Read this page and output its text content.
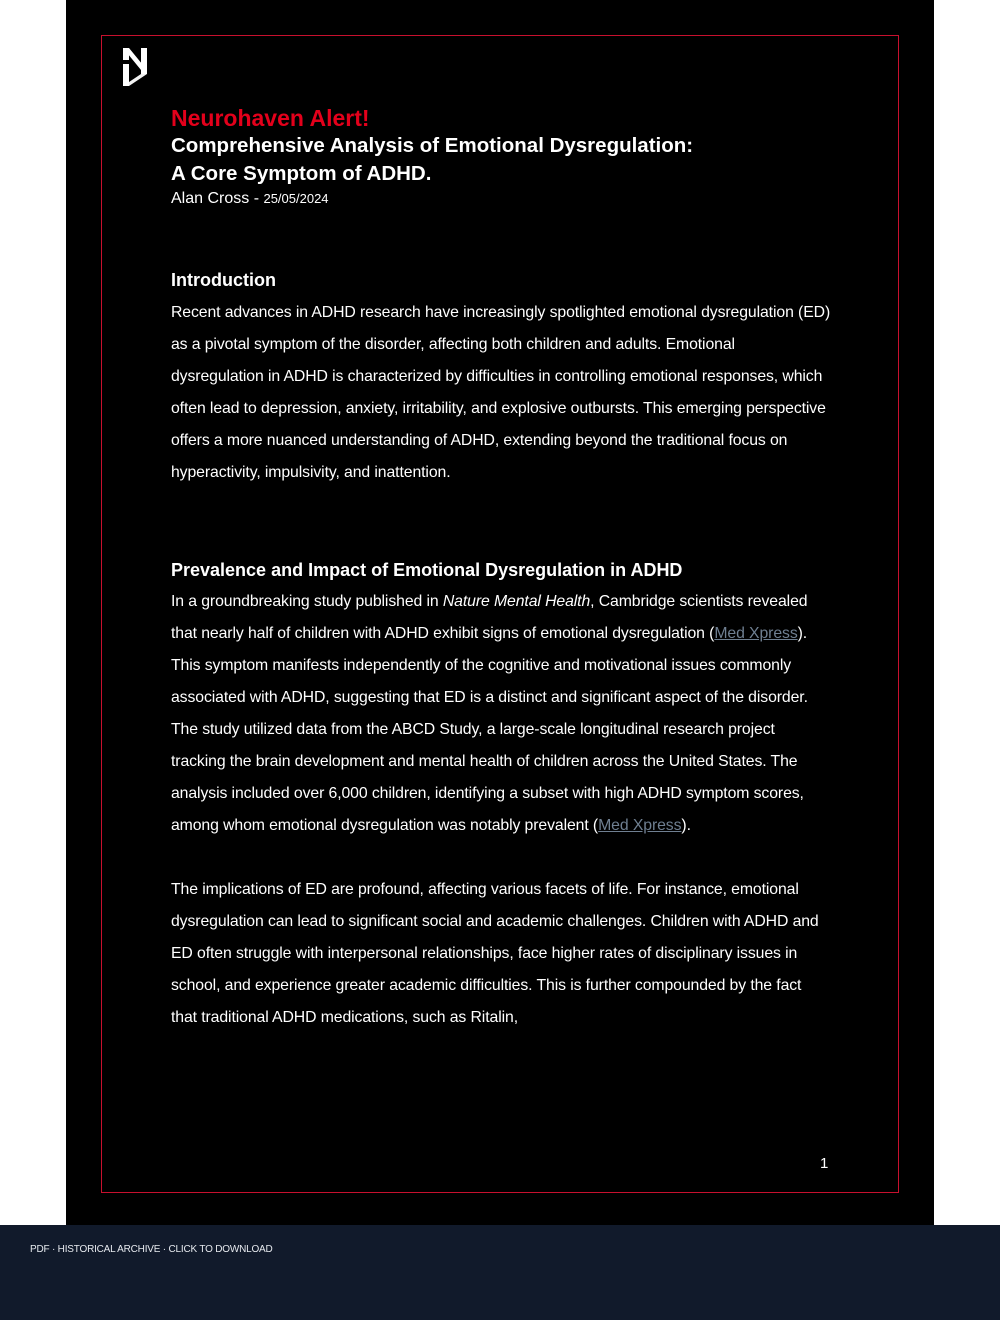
Neurohaven Alert!
Comprehensive Analysis of Emotional Dysregulation:
A Core Symptom of ADHD.
Alan Cross - 25/05/2024
Introduction

Recent advances in ADHD research have increasingly spotlighted emotional dysregulation (ED) as a pivotal symptom of the disorder, affecting both children and adults. Emotional dysregulation in ADHD is characterized by difficulties in controlling emotional responses, which often lead to depression, anxiety, irritability, and explosive outbursts. This emerging perspective offers a more nuanced understanding of ADHD, extending beyond the traditional focus on hyperactivity, impulsivity, and inattention.

Prevalence and Impact of Emotional Dysregulation in ADHD

In a groundbreaking study published in Nature Mental Health, Cambridge scientists revealed that nearly half of children with ADHD exhibit signs of emotional dysregulation (Med Xpress). This symptom manifests independently of the cognitive and motivational issues commonly associated with ADHD, suggesting that ED is a distinct and significant aspect of the disorder. The study utilized data from the ABCD Study, a large-scale longitudinal research project tracking the brain development and mental health of children across the United States. The analysis included over 6,000 children, identifying a subset with high ADHD symptom scores, among whom emotional dysregulation was notably prevalent (Med Xpress).

The implications of ED are profound, affecting various facets of life. For instance, emotional dysregulation can lead to significant social and academic challenges. Children with ADHD and ED often struggle with interpersonal relationships, face higher rates of disciplinary issues in school, and experience greater academic difficulties. This is further compounded by the fact that traditional ADHD medications, such as Ritalin,

1
PDF · HISTORICAL ARCHIVE · CLICK TO DOWNLOAD
